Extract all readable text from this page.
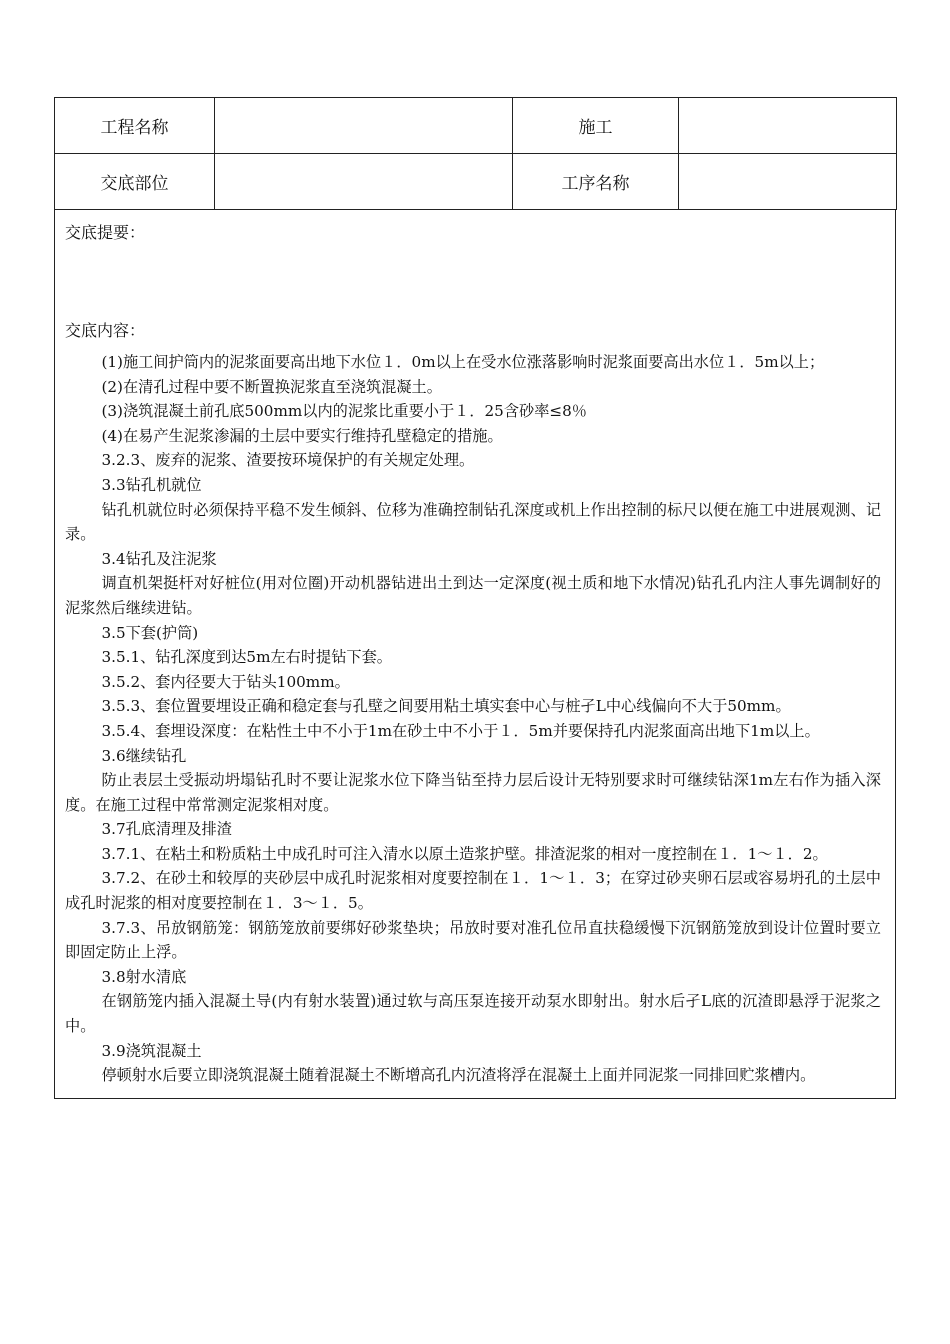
工程名称		施工	
交底部位		工序名称	
交底提要：
交底内容：

(1)施工间护筒内的泥浆面要高出地下水位１．0m以上在受水位涨落影响时泥浆面要高出水位１．5m以上；

(2)在清孔过程中要不断置换泥浆直至浇筑混凝土。

(3)浇筑混凝土前孔底500mm以内的泥浆比重要小于１．25含砂率≤8％

(4)在易产生泥浆渗漏的土层中要实行维持孔壁稳定的措施。

3.2.3、废弃的泥浆、渣要按环境保护的有关规定处理。

3.3钻孔机就位

钻孔机就位时必须保持平稳不发生倾斜、位移为准确控制钻孔深度或机上作出控制的标尺以便在施工中进展观测、记录。

3.4钻孔及注泥浆

调直机架挺杆对好桩位(用对位圈)开动机器钻进出土到达一定深度(视土质和地下水情况)钻孔孔内注人事先调制好的泥浆然后继续进钻。

3.5下套(护筒)

3.5.1、钻孔深度到达5m左右时提钻下套。

3.5.2、套内径要大于钻头100mm。

3.5.3、套位置要埋设正确和稳定套与孔壁之间要用粘土填实套中心与桩孑L中心线偏向不大于50mm。

3.5.4、套埋设深度：在粘性土中不小于1m在砂土中不小于１．5m并要保持孔内泥浆面高出地下1m以上。

3.6继续钻孔

防止表层土受振动坍塌钻孔时不要让泥浆水位下降当钻至持力层后设计无特别要求时可继续钻深1m左右作为插入深度。在施工过程中常常测定泥浆相对度。

3.7孔底清理及排渣

3.7.1、在粘土和粉质粘土中成孔时可注入清水以原土造浆护壁。排渣泥浆的相对一度控制在１．1～１．2。

3.7.2、在砂土和较厚的夹砂层中成孔时泥浆相对度要控制在１．1～１．3；在穿过砂夹卵石层或容易坍孔的土层中成孔时泥浆的相对度要控制在１．3～１．5。

3.7.3、吊放钢筋笼：钢筋笼放前要绑好砂浆垫块；吊放时要对准孔位吊直扶稳缓慢下沉钢筋笼放到设计位置时要立即固定防止上浮。

3.8射水清底

在钢筋笼内插入混凝土导(内有射水装置)通过软与高压泵连接开动泵水即射出。射水后孑L底的沉渣即悬浮于泥浆之中。

3.9浇筑混凝土

停顿射水后要立即浇筑混凝土随着混凝土不断增高孔内沉渣将浮在混凝土上面并同泥浆一同排回贮浆槽内。
